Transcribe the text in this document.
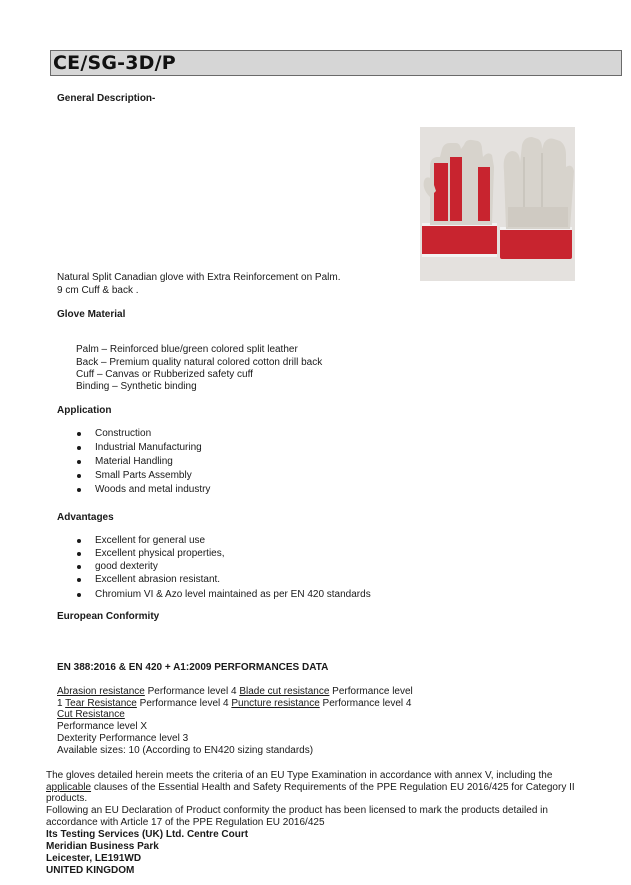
CE/SG-3D/P
General Description-
Natural Split Canadian glove with Extra Reinforcement on Palm.
9 cm Cuff & back .
Glove Material
Palm – Reinforced blue/green colored split leather
Back – Premium quality natural colored cotton drill back
Cuff – Canvas or Rubberized safety cuff
Binding – Synthetic binding
Application
Construction
Industrial Manufacturing
Material Handling
Small Parts Assembly
Woods and metal industry
Advantages
Excellent for general use
Excellent physical properties,
good dexterity
Excellent abrasion resistant.
Chromium VI & Azo level maintained as per EN 420 standards
European Conformity
EN 388:2016 & EN 420 + A1:2009 PERFORMANCES DATA
Abrasion resistance Performance level 4 Blade cut resistance Performance level
1 Tear Resistance Performance level 4 Puncture resistance Performance level 4
Cut Resistance
Performance level X
Dexterity Performance level 3
Available sizes: 10 (According to EN420 sizing standards)
The gloves detailed herein meets the criteria of an EU Type Examination in accordance with annex V, including the
applicable clauses of the Essential Health and Safety Requirements of the PPE Regulation EU 2016/425 for Category II
products.
Following an EU Declaration of Product conformity the product has been licensed to mark the products detailed in
accordance with Article 17 of the PPE Regulation EU 2016/425
Its Testing Services (UK) Ltd. Centre Court
Meridian Business Park
Leicester, LE191WD
UNITED KINGDOM
